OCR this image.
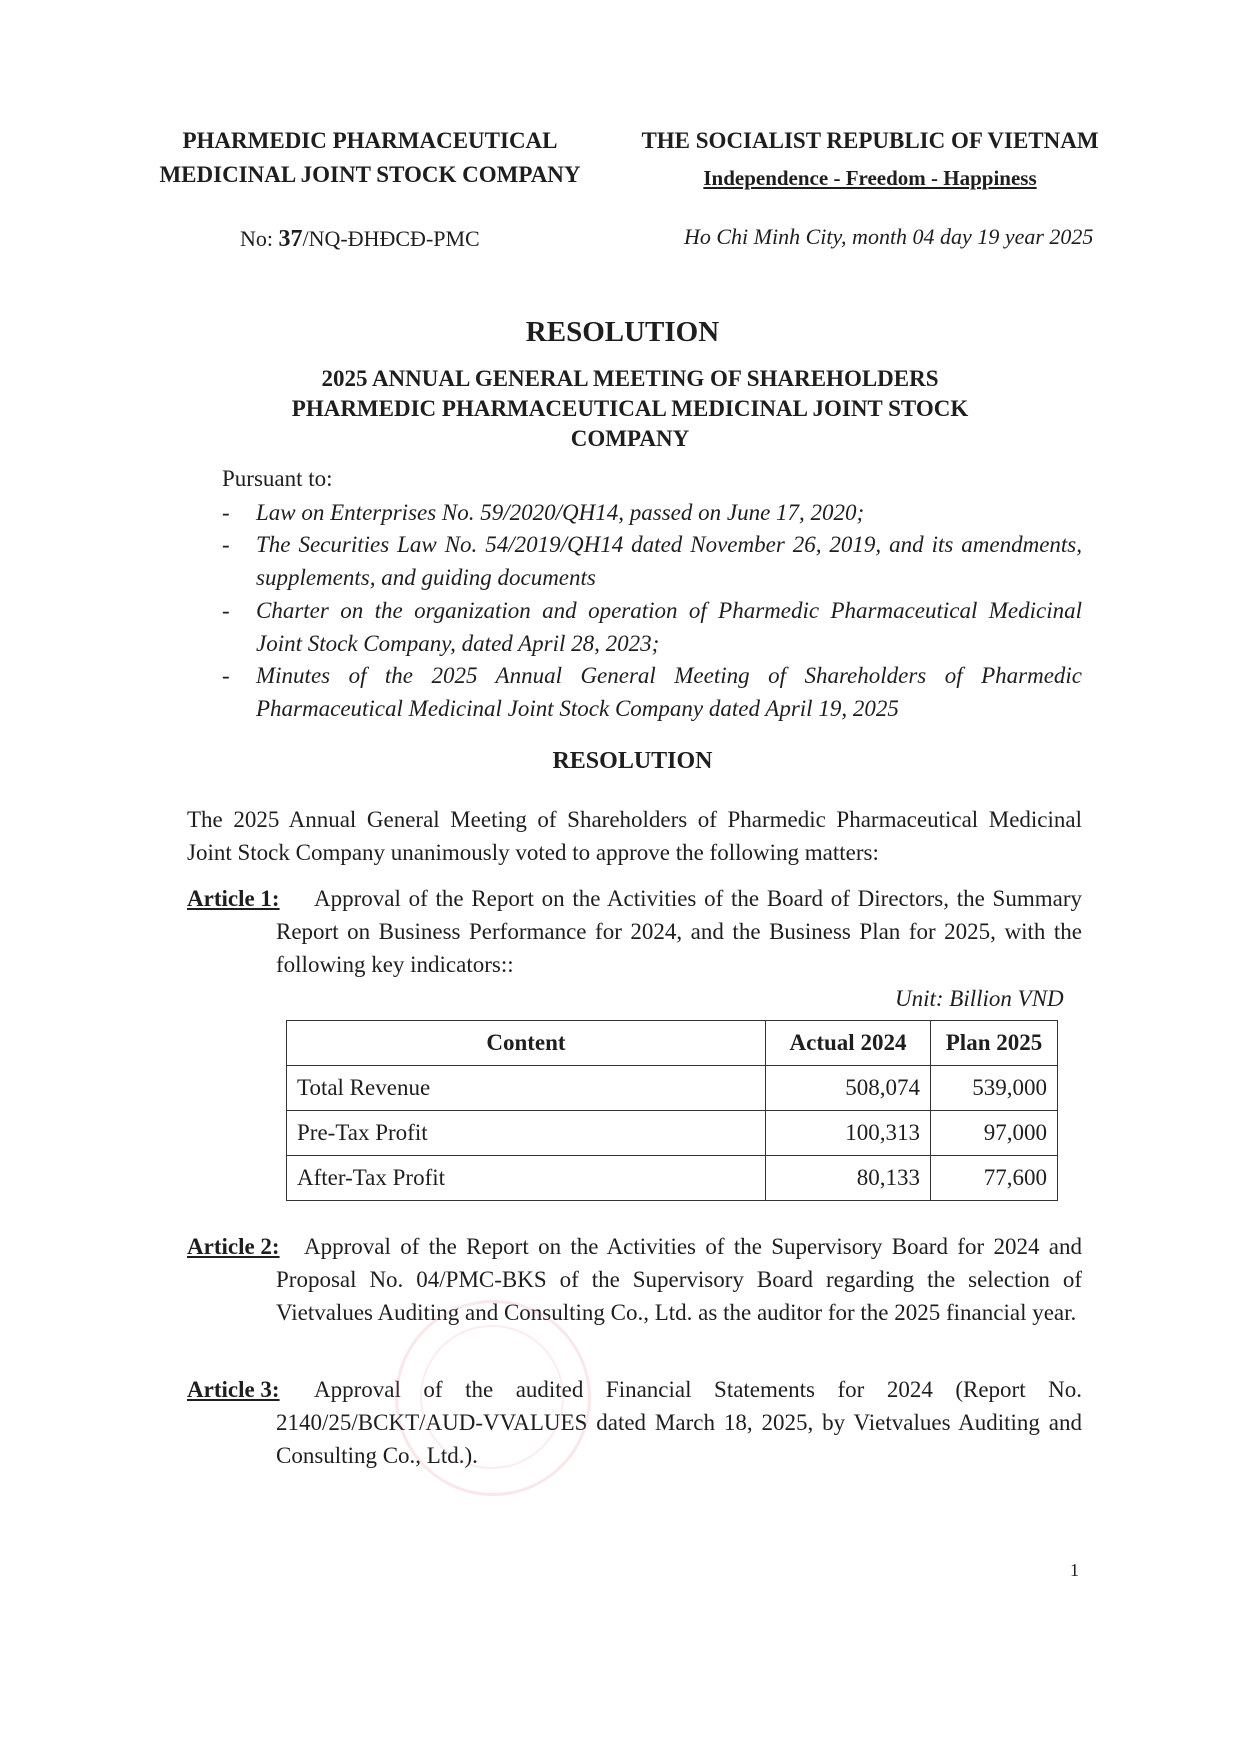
PHARMEDIC PHARMACEUTICAL
MEDICINAL JOINT STOCK COMPANY
THE SOCIALIST REPUBLIC OF VIETNAM
Independence - Freedom - Happiness
No: 37/NQ-ĐHĐCĐ-PMC	Ho Chi Minh City, month 04 day 19 year 2025
RESOLUTION
2025 ANNUAL GENERAL MEETING OF SHAREHOLDERS
PHARMEDIC PHARMACEUTICAL MEDICINAL JOINT STOCK
COMPANY
Pursuant to:
- Law on Enterprises No. 59/2020/QH14, passed on June 17, 2020;
- The Securities Law No. 54/2019/QH14 dated November 26, 2019, and its amendments, supplements, and guiding documents
- Charter on the organization and operation of Pharmedic Pharmaceutical Medicinal Joint Stock Company, dated April 28, 2023;
- Minutes of the 2025 Annual General Meeting of Shareholders of Pharmedic Pharmaceutical Medicinal Joint Stock Company dated April 19, 2025
RESOLUTION
The 2025 Annual General Meeting of Shareholders of Pharmedic Pharmaceutical Medicinal Joint Stock Company unanimously voted to approve the following matters:
Article 1:	Approval of the Report on the Activities of the Board of Directors, the Summary Report on Business Performance for 2024, and the Business Plan for 2025, with the following key indicators::
Unit: Billion VND
Content	Actual 2024	Plan 2025
Total Revenue	508,074	539,000
Pre-Tax Profit	100,313	97,000
After-Tax Profit	80,133	77,600
Article 2:	Approval of the Report on the Activities of the Supervisory Board for 2024 and Proposal No. 04/PMC-BKS of the Supervisory Board regarding the selection of Vietvalues Auditing and Consulting Co., Ltd. as the auditor for the 2025 financial year.
Article 3:	Approval of the audited Financial Statements for 2024 (Report No. 2140/25/BCKT/AUD-VVALUES dated March 18, 2025, by Vietvalues Auditing and Consulting Co., Ltd.).
1
